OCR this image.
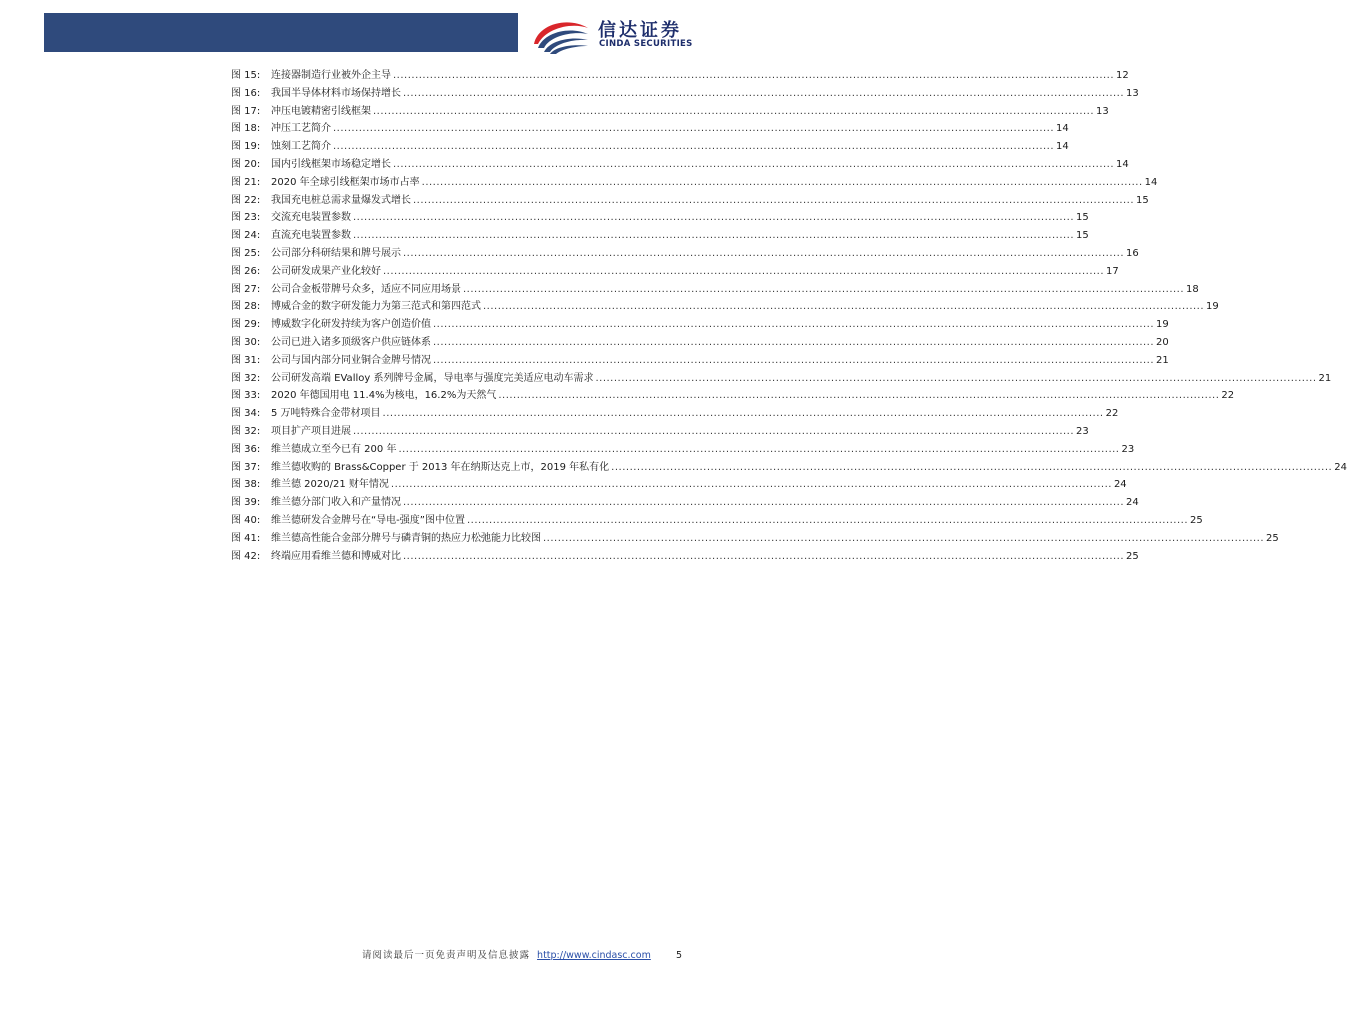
信达证券
CINDA SECURITIES
图 15:	连接器制造行业被外企主导 .....	12
图 16:	我国半导体材料市场保持增长 .....	13
图 17:	冲压电镀精密引线框架 .....	13
图 18:	冲压工艺简介 .....	14
图 19:	蚀刻工艺简介 .....	14
图 20:	国内引线框架市场稳定增长 .....	14
图 21:	2020 年全球引线框架市场市占率 .....	14
图 22:	我国充电桩总需求量爆发式增长 .....	15
图 23:	交流充电装置参数 .....	15
图 24:	直流充电装置参数 .....	15
图 25:	公司部分科研结果和牌号展示 .....	16
图 26:	公司研发成果产业化较好 .....	17
图 27:	公司合金板带牌号众多，适应不同应用场景 .....	18
图 28:	博威合金的数字研发能力为第三范式和第四范式 .....	19
图 29:	博威数字化研发持续为客户创造价值 .....	19
图 30:	公司已进入诸多顶级客户供应链体系 .....	20
图 31:	公司与国内部分同业铜合金牌号情况 .....	21
图 32:	公司研发高端 EValloy 系列牌号金属，导电率与强度完美适应电动车需求 .....	21
图 33:	2020 年德国用电 11.4%为核电，16.2%为天然气 .....	22
图 34:	5 万吨特殊合金带材项目 .....	22
图 32:	项目扩产项目进展 .....	23
图 36:	维兰德成立至今已有 200 年 .....	23
图 37:	维兰德收购的 Brass&Copper 于 2013 年在纳斯达克上市，2019 年私有化 .....	24
图 38:	维兰德 2020/21 财年情况 .....	24
图 39:	维兰德分部门收入和产量情况 .....	24
图 40:	维兰德研发合金牌号在“导电-强度”图中位置 .....	25
图 41:	维兰德高性能合金部分牌号与磷青铜的热应力松弛能力比较图 .....	25
图 42:	终端应用看维兰德和博威对比 .....	25
请阅读最后一页免责声明及信息披露 http://www.cindasc.com	5
